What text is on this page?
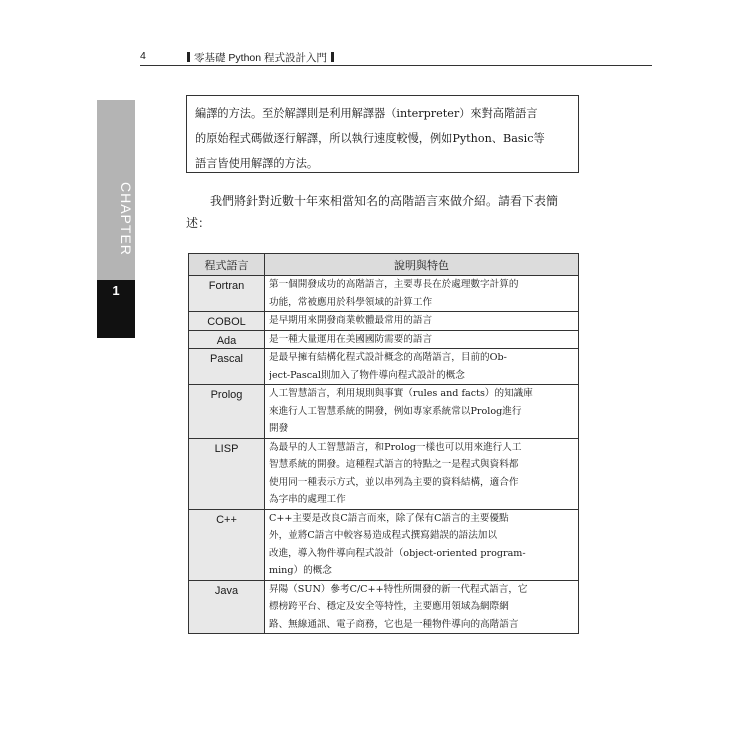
4	零基礎 Python 程式設計入門
CHAPTER
1
編譯的方法。至於解譯則是利用解譯器（interpreter）來對高階語言
的原始程式碼做逐行解譯，所以執行速度較慢，例如Python、Basic等
語言皆使用解譯的方法。
我們將針對近數十年來相當知名的高階語言來做介紹。請看下表簡
述：
程式語言	說明與特色
Fortran	第一個開發成功的高階語言，主要專長在於處理數字計算的
功能，常被應用於科學領域的計算工作

COBOL	是早期用來開發商業軟體最常用的語言

Ada	是一種大量運用在美國國防需要的語言

Pascal	是最早擁有結構化程式設計概念的高階語言，目前的Ob-
ject-Pascal則加入了物件導向程式設計的概念

Prolog	人工智慧語言，利用規則與事實（rules and facts）的知識庫
來進行人工智慧系統的開發，例如專家系統常以Prolog進行
開發

LISP	為最早的人工智慧語言，和Prolog一樣也可以用來進行人工
智慧系統的開發。這種程式語言的特點之一是程式與資料都
使用同一種表示方式，並以串列為主要的資料結構，適合作
為字串的處理工作

C++	C++主要是改良C語言而來，除了保有C語言的主要優點
外，並將C語言中較容易造成程式撰寫錯誤的語法加以
改進，導入物件導向程式設計（object-oriented program-
ming）的概念

Java	昇陽（SUN）參考C/C++特性所開發的新一代程式語言，它
標榜跨平台、穩定及安全等特性，主要應用領域為網際網
路、無線通訊、電子商務，它也是一種物件導向的高階語言
